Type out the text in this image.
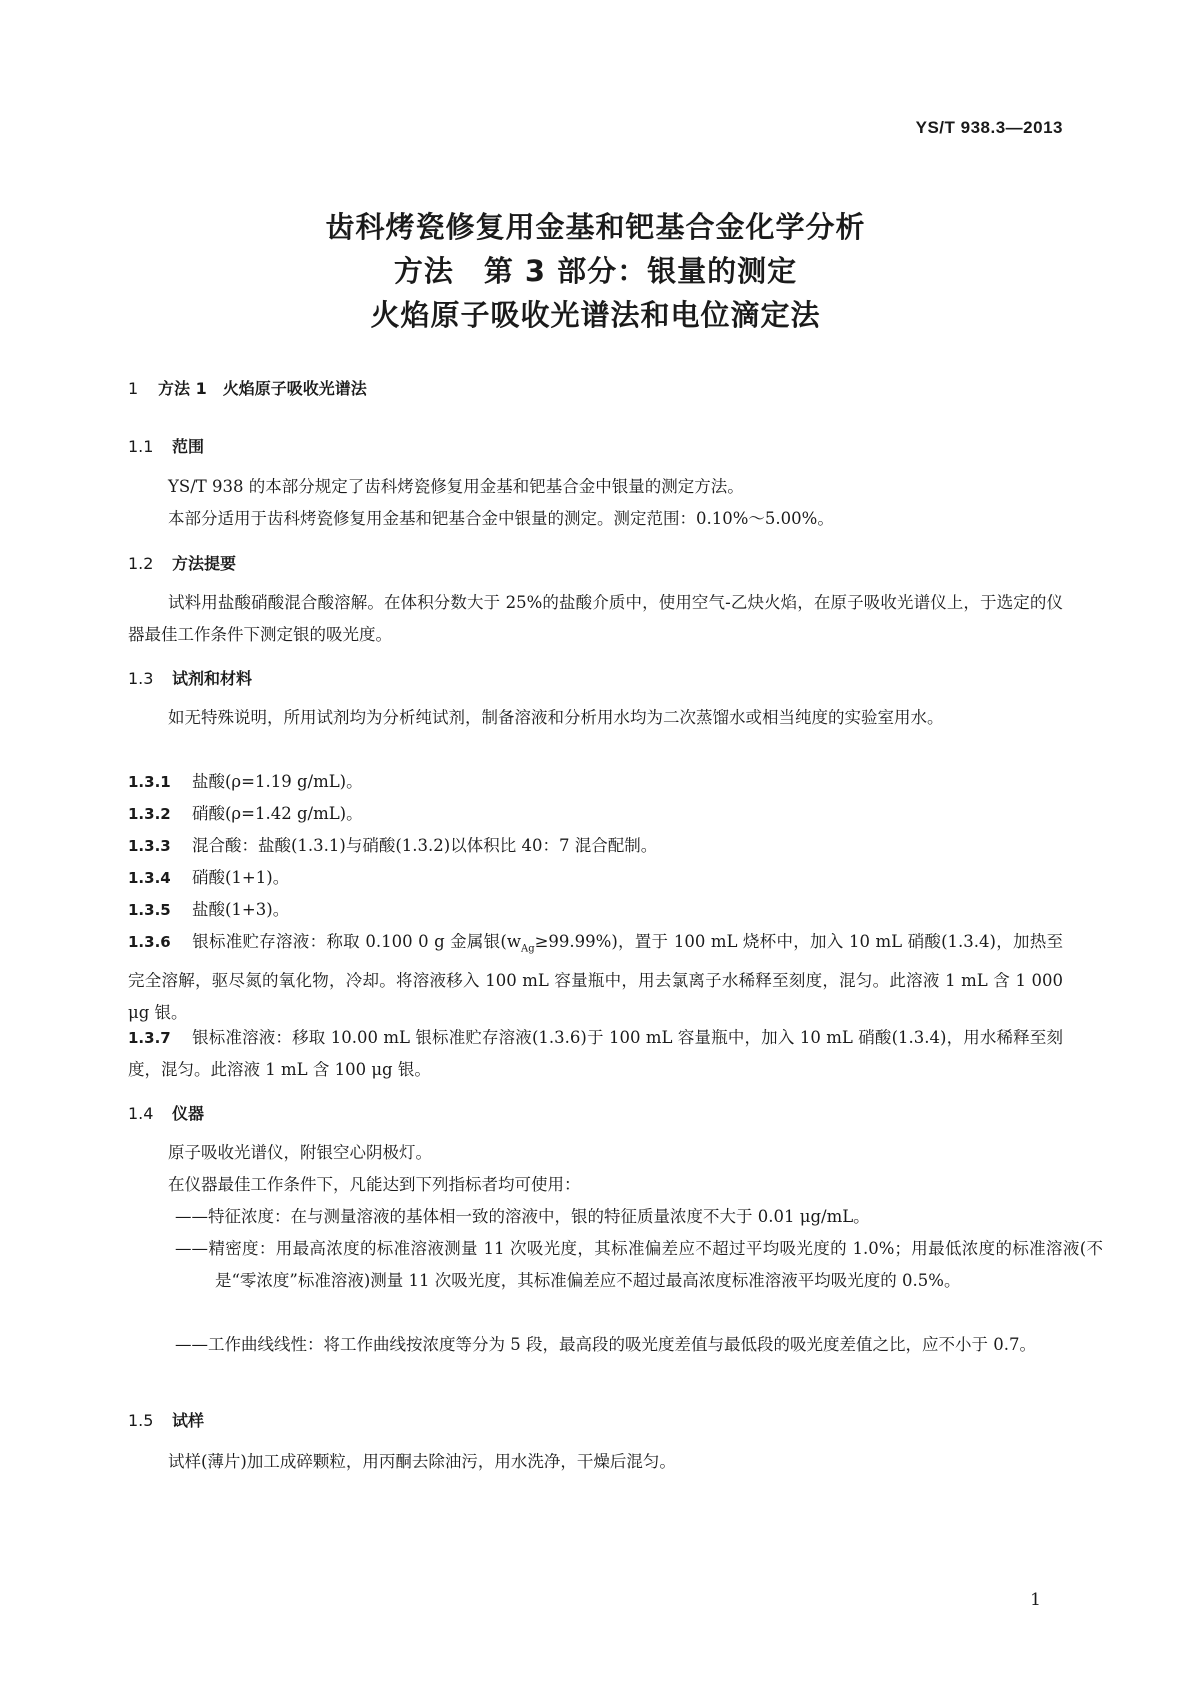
YS/T 938.3—2013
齿科烤瓷修复用金基和钯基合金化学分析
方法　第 3 部分：银量的测定
火焰原子吸收光谱法和电位滴定法
1 方法 1　火焰原子吸收光谱法
1.1 范围
YS/T 938 的本部分规定了齿科烤瓷修复用金基和钯基合金中银量的测定方法。
本部分适用于齿科烤瓷修复用金基和钯基合金中银量的测定。测定范围：0.10%～5.00%。
1.2 方法提要
试料用盐酸硝酸混合酸溶解。在体积分数大于 25%的盐酸介质中，使用空气-乙炔火焰，在原子吸收光谱仪上，于选定的仪器最佳工作条件下测定银的吸光度。
1.3 试剂和材料
如无特殊说明，所用试剂均为分析纯试剂，制备溶液和分析用水均为二次蒸馏水或相当纯度的实验室用水。
1.3.1 盐酸(ρ=1.19 g/mL)。
1.3.2 硝酸(ρ=1.42 g/mL)。
1.3.3 混合酸：盐酸(1.3.1)与硝酸(1.3.2)以体积比 40：7 混合配制。
1.3.4 硝酸(1+1)。
1.3.5 盐酸(1+3)。
1.3.6 银标准贮存溶液：称取 0.100 0 g 金属银$(w_{Ag}\ge 99.99\%)$，置于 100 mL 烧杯中，加入 10 mL 硝酸(1.3.4)，加热至完全溶解，驱尽氮的氧化物，冷却。将溶液移入 100 mL 容量瓶中，用去氯离子水稀释至刻度，混匀。此溶液 1 mL 含 1 000 μg 银。
1.3.7 银标准溶液：移取 10.00 mL 银标准贮存溶液(1.3.6)于 100 mL 容量瓶中，加入 10 mL 硝酸(1.3.4)，用水稀释至刻度，混匀。此溶液 1 mL 含 100 μg 银。
1.4 仪器
原子吸收光谱仪，附银空心阴极灯。
在仪器最佳工作条件下，凡能达到下列指标者均可使用：
——特征浓度：在与测量溶液的基体相一致的溶液中，银的特征质量浓度不大于 0.01 μg/mL。
——精密度：用最高浓度的标准溶液测量 11 次吸光度，其标准偏差应不超过平均吸光度的 1.0%；用最低浓度的标准溶液(不是“零浓度”标准溶液)测量 11 次吸光度，其标准偏差应不超过最高浓度标准溶液平均吸光度的 0.5%。
——工作曲线线性：将工作曲线按浓度等分为 5 段，最高段的吸光度差值与最低段的吸光度差值之比，应不小于 0.7。
1.5 试样
试样(薄片)加工成碎颗粒，用丙酮去除油污，用水洗净，干燥后混匀。
1
